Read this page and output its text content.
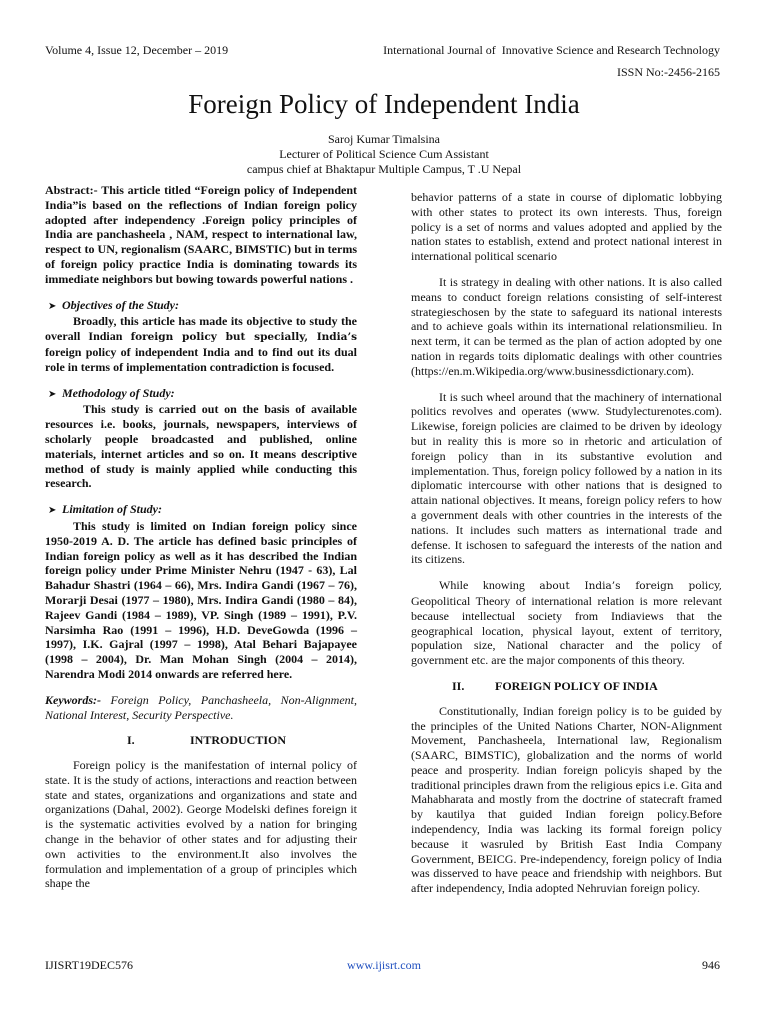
Volume 4, Issue 12, December – 2019	International Journal of  Innovative Science and Research Technology
ISSN No:-2456-2165
Foreign Policy of Independent India
Saroj Kumar Timalsina
Lecturer of Political Science Cum Assistant
campus chief at Bhaktapur Multiple Campus, T .U Nepal

Abstract:- This article titled “Foreign policy of Independent India”is based on the reflections of Indian foreign policy adopted after independency .Foreign policy principles of India are panchasheela , NAM, respect to international law, respect to UN, regionalism (SAARC, BIMSTIC) but in terms of foreign policy practice India is dominating towards its immediate neighbors but bowing towards powerful nations .

➤ Objectives of the Study:

Broadly, this article has made its objective to study the overall Indian foreign policy but specially, India’s foreign policy of independent India and to find out its dual role in terms of implementation contradiction is focused.

➤ Methodology of Study:

This study is carried out on the basis of available resources i.e. books, journals, newspapers, interviews of scholarly people broadcasted and published, online materials, internet articles and so on. It means descriptive method of study is mainly applied while conducting this research.

➤ Limitation of Study:

This study is limited on Indian foreign policy since 1950-2019 A. D. The article has defined basic principles of Indian foreign policy as well as it has described the Indian foreign policy under Prime Minister Nehru (1947 - 63), Lal Bahadur Shastri (1964 – 66), Mrs. Indira Gandi (1967 – 76), Morarji Desai (1977 – 1980), Mrs. Indira Gandi (1980 – 84), Rajeev Gandi (1984 – 1989), VP. Singh (1989 – 1991), P.V. Narsimha Rao (1991 – 1996), H.D. DeveGowda (1996 – 1997), I.K. Gajral (1997 – 1998), Atal Behari Bajapayee (1998 – 2004), Dr. Man Mohan Singh (2004 – 2014), Narendra Modi 2014 onwards are referred here.

Keywords:- Foreign Policy, Panchasheela, Non-Alignment, National Interest, Security Perspective.

I.	INTRODUCTION

Foreign policy is the manifestation of internal policy of state. It is the study of actions, interactions and reaction between state and states, organizations and organizations and state and organizations (Dahal, 2002). George Modelski defines foreign it is the systematic activities evolved by a nation for bringing change in the behavior of other states and for adjusting their own activities to the environment.It also involves the formulation and implementation of a group of principles which shape the

behavior patterns of a state in course of diplomatic lobbying with other states to protect its own interests. Thus, foreign policy is a set of norms and values adopted and applied by the nation states to establish, extend and protect national interest in international political scenario

It is strategy in dealing with other nations. It is also called means to conduct foreign relations consisting of self-interest strategieschosen by the state to safeguard its national interests and to achieve goals within its international relationsmilieu. In next term, it can be termed as the plan of action adopted by one nation in regards toits diplomatic dealings with other countries (https://en.m.Wikipedia.org/www.businessdictionary.com).

It is such wheel around that the machinery of international politics revolves and operates (www. Studylecturenotes.com). Likewise, foreign policies are claimed to be driven by ideology but in reality this is more so in rhetoric and articulation of foreign policy than in its substantive evolution and implementation. Thus, foreign policy followed by a nation in its diplomatic intercourse with other nations that is designed to attain national objectives. It means, foreign policy refers to how a government deals with other countries in the interests of the nations. It includes such matters as international trade and defense. It ischosen to safeguard the interests of the nation and its citizens.

While knowing about India’s foreign policy, Geopolitical Theory of international relation is more relevant because intellectual society from Indiaviews that the geographical location, physical layout, extent of territory, population size, National character and the policy of government etc. are the major components of this theory.

II.	FOREIGN POLICY OF INDIA

Constitutionally, Indian foreign policy is to be guided by the principles of the United Nations Charter, NON-Alignment Movement, Panchasheela, International law, Regionalism (SAARC, BIMSTIC), globalization and the norms of world peace and prosperity. Indian foreign policyis shaped by the traditional principles drawn from the religious epics i.e. Gita and Mahabharata and mostly from the doctrine of statecraft framed by kautilya that guided Indian foreign policy.Before independency, India was lacking its formal foreign policy because it wasruled by British East India Company Government, BEICG. Pre-independency, foreign policy of India was disserved to have peace and friendship with neighbors. But after independency, India adopted Nehruvian foreign policy.

IJISRT19DEC576	www.ijisrt.com	946
